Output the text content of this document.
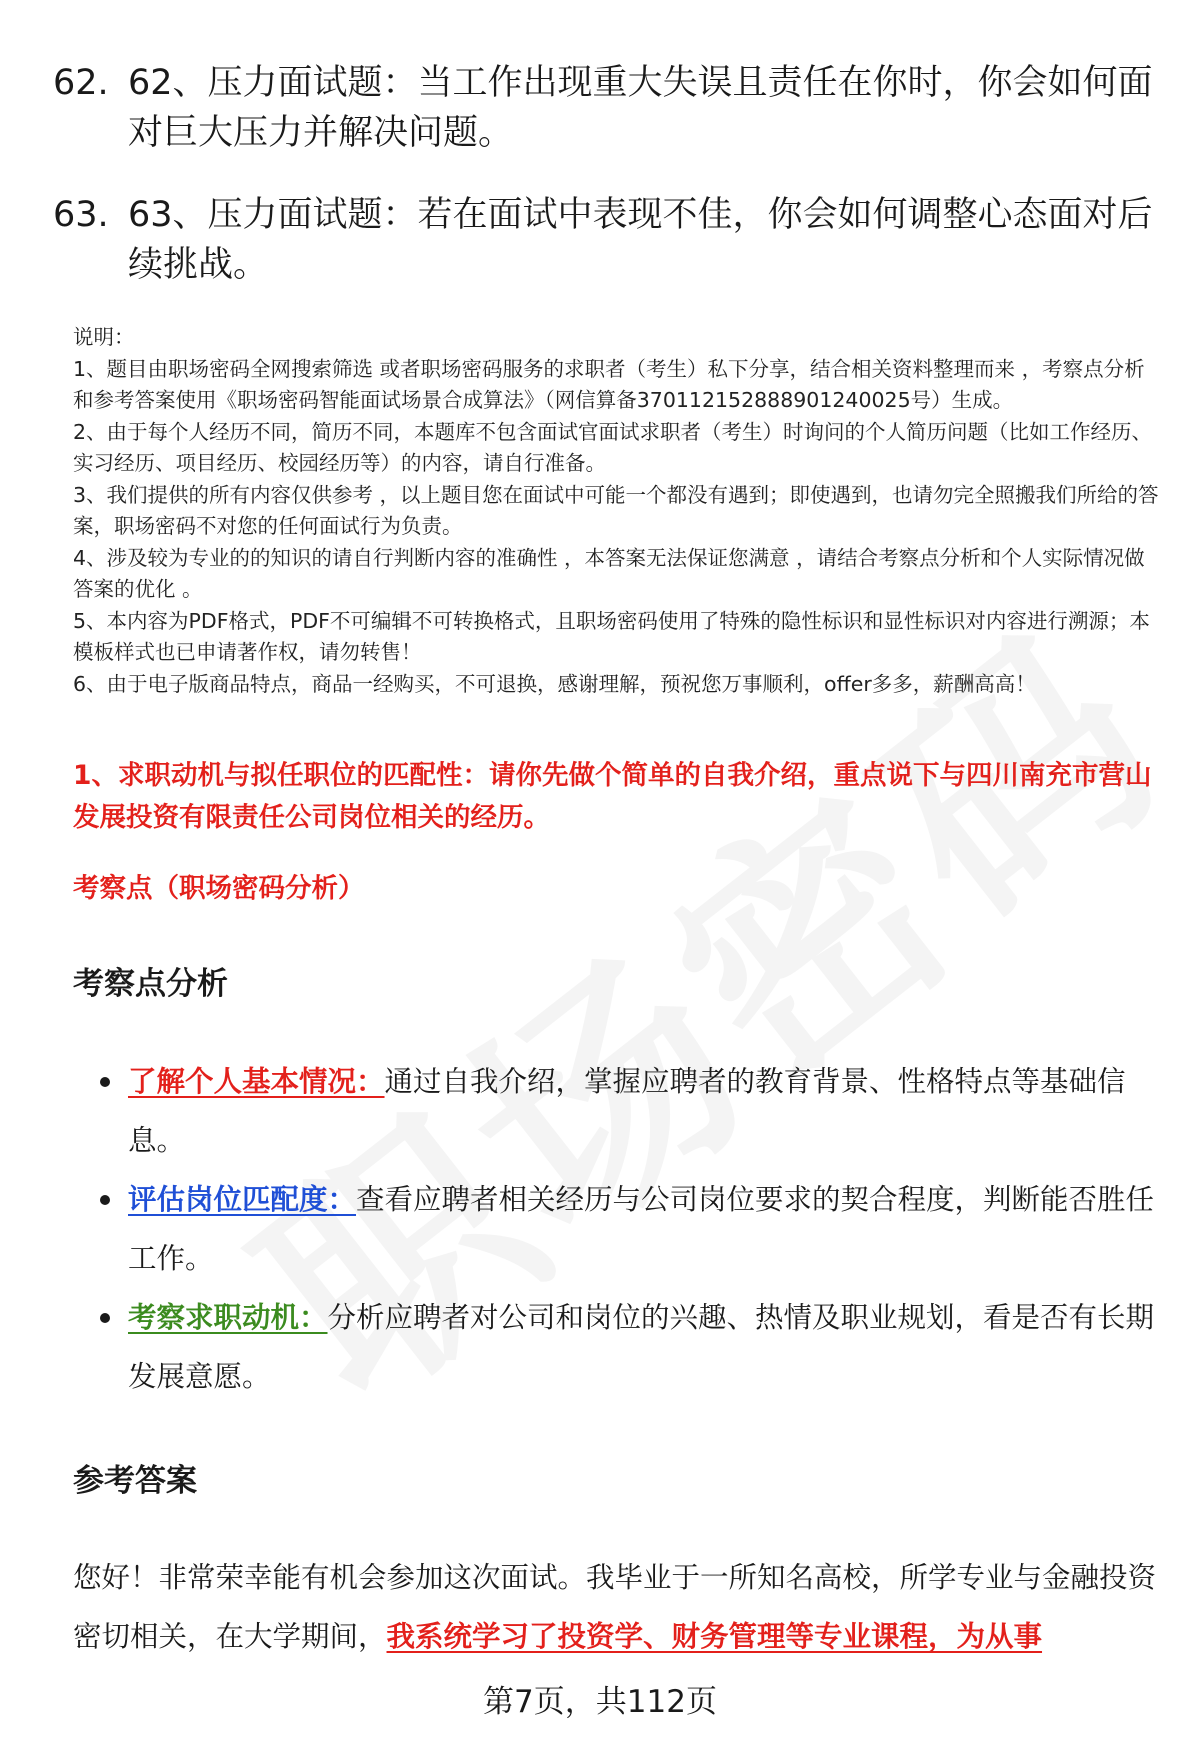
62. 62、压力面试题：当工作出现重大失误且责任在你时，你会如何面对巨大压力并解决问题。
63. 63、压力面试题：若在面试中表现不佳，你会如何调整心态面对后续挑战。
说明：
1、题目由职场密码全网搜索筛选 或者职场密码服务的求职者（考生）私下分享，结合相关资料整理而来 ，考察点分析和参考答案使用《职场密码智能面试场景合成算法》（网信算备370112152888901240025号）生成。
2、由于每个人经历不同，简历不同，本题库不包含面试官面试求职者（考生）时询问的个人简历问题（比如工作经历、实习经历、项目经历、校园经历等）的内容，请自行准备。
3、我们提供的所有内容仅供参考 ，以上题目您在面试中可能一个都没有遇到；即使遇到，也请勿完全照搬我们所给的答案，职场密码不对您的任何面试行为负责。
4、涉及较为专业的的知识的请自行判断内容的准确性 ，本答案无法保证您满意 ，请结合考察点分析和个人实际情况做答案的优化 。
5、本内容为PDF格式，PDF不可编辑不可转换格式，且职场密码使用了特殊的隐性标识和显性标识对内容进行溯源；本模板样式也已申请著作权，请勿转售！
6、由于电子版商品特点，商品一经购买，不可退换，感谢理解，预祝您万事顺利，offer多多，薪酬高高！
1、求职动机与拟任职位的匹配性：请你先做个简单的自我介绍，重点说下与四川南充市营山发展投资有限责任公司岗位相关的经历。
考察点（职场密码分析）
考察点分析
了解个人基本情况：通过自我介绍，掌握应聘者的教育背景、性格特点等基础信息。
评估岗位匹配度：查看应聘者相关经历与公司岗位要求的契合程度，判断能否胜任工作。
考察求职动机：分析应聘者对公司和岗位的兴趣、热情及职业规划，看是否有长期发展意愿。
参考答案
您好！非常荣幸能有机会参加这次面试。我毕业于一所知名高校，所学专业与金融投资密切相关，在大学期间，我系统学习了投资学、财务管理等专业课程，为从事
第7页，共112页
